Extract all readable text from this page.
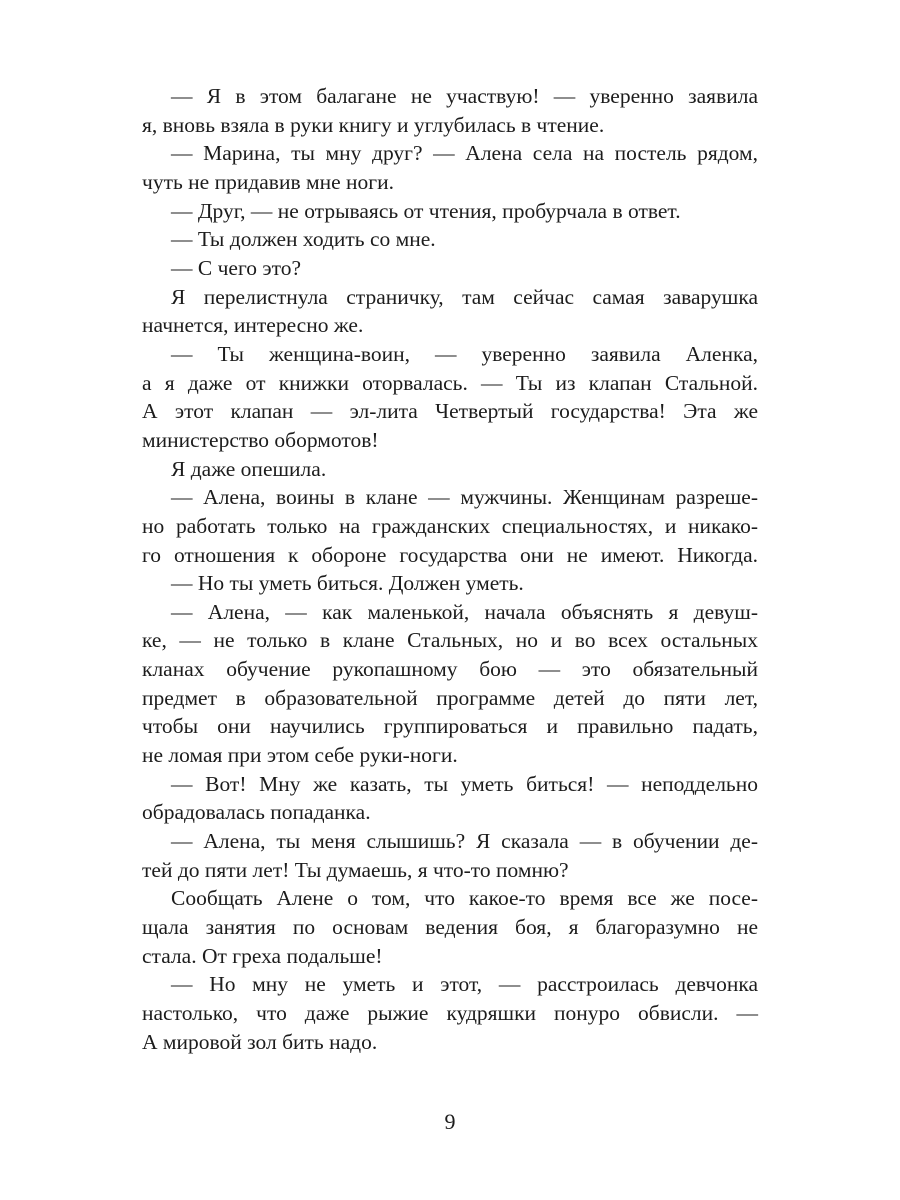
— Я в этом балагане не участвую! — уверенно заявила
я, вновь взяла в руки книгу и углубилась в чтение.
— Марина, ты мну друг? — Алена села на постель рядом,
чуть не придавив мне ноги.
— Друг, — не отрываясь от чтения, пробурчала в ответ.
— Ты должен ходить со мне.
— С чего это?
Я перелистнула страничку, там сейчас самая заварушка
начнется, интересно же.
— Ты женщина-воин, — уверенно заявила Аленка,
а я даже от книжки оторвалась. — Ты из клапан Стальной.
А этот клапан — эл-лита Четвертый государства! Эта же
министерство обормотов!
Я даже опешила.
— Алена, воины в клане — мужчины. Женщинам разреше-
но работать только на гражданских специальностях, и никако-
го отношения к обороне государства они не имеют. Никогда.
— Но ты уметь биться. Должен уметь.
— Алена, — как маленькой, начала объяснять я девуш-
ке, — не только в клане Стальных, но и во всех остальных
кланах обучение рукопашному бою — это обязательный
предмет в образовательной программе детей до пяти лет,
чтобы они научились группироваться и правильно падать,
не ломая при этом себе руки-ноги.
— Вот! Мну же казать, ты уметь биться! — неподдельно
обрадовалась попаданка.
— Алена, ты меня слышишь? Я сказала — в обучении де-
тей до пяти лет! Ты думаешь, я что-то помню?
Сообщать Алене о том, что какое-то время все же посе-
щала занятия по основам ведения боя, я благоразумно не
стала. От греха подальше!
— Но мну не уметь и этот, — расстроилась девчонка
настолько, что даже рыжие кудряшки понуро обвисли. —
А мировой зол бить надо.
9
